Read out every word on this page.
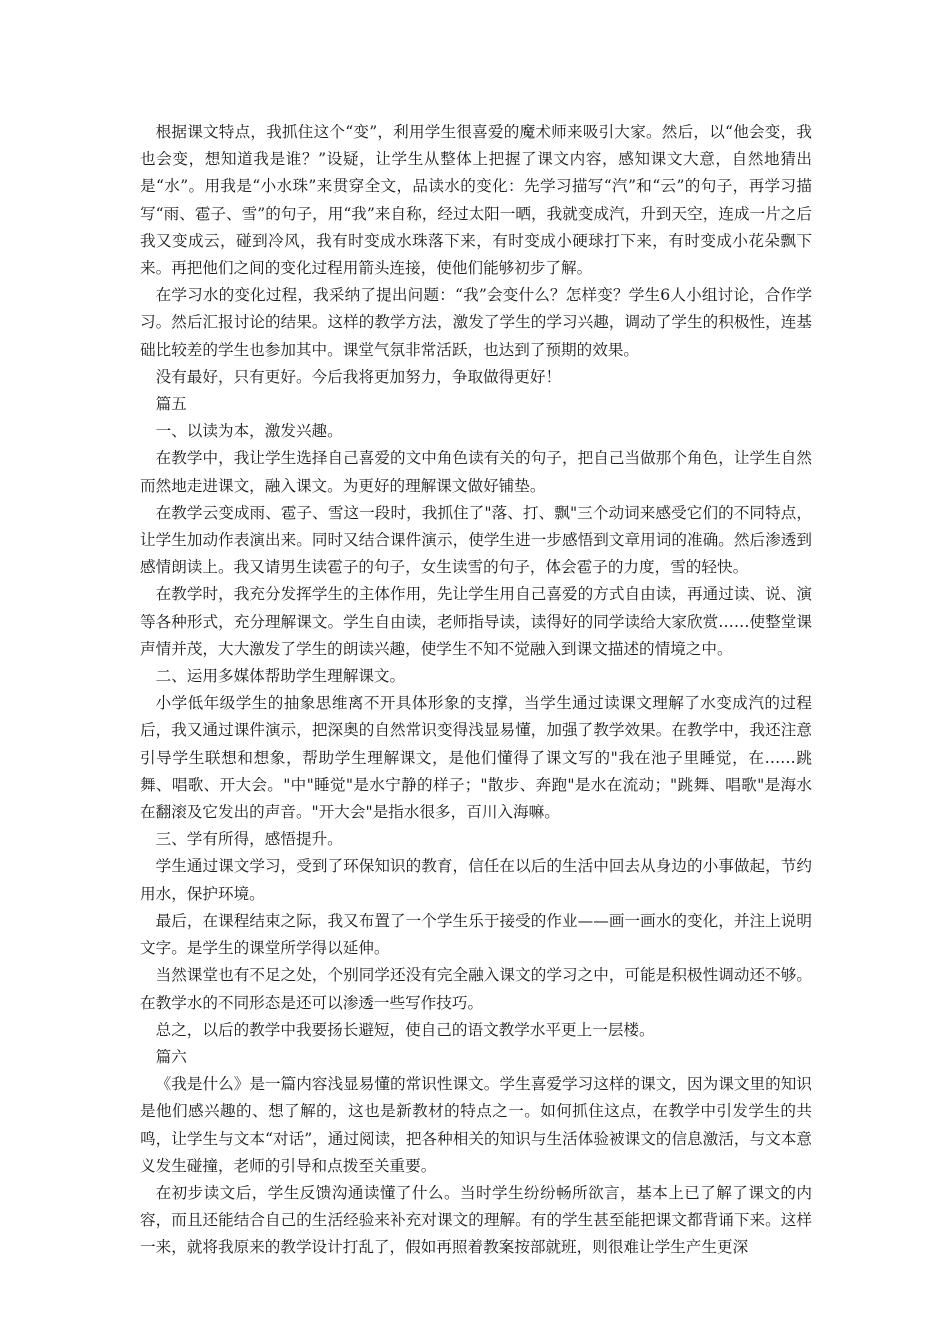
根据课文特点，我抓住这个“变”，利用学生很喜爱的魔术师来吸引大家。然后，以“他会变，我也会变，想知道我是谁？”设疑，让学生从整体上把握了课文内容，感知课文大意，自然地猜出是“水”。用我是“小水珠”来贯穿全文，品读水的变化：先学习描写“汽”和“云”的句子，再学习描写“雨、雹子、雪”的句子，用“我”来自称，经过太阳一晒，我就变成汽，升到天空，连成一片之后我又变成云，碰到冷风，我有时变成水珠落下来，有时变成小硬球打下来，有时变成小花朵飘下来。再把他们之间的变化过程用箭头连接，使他们能够初步了解。

在学习水的变化过程，我采纳了提出问题：“我”会变什么？怎样变？学生6人小组讨论，合作学习。然后汇报讨论的结果。这样的教学方法，激发了学生的学习兴趣，调动了学生的积极性，连基础比较差的学生也参加其中。课堂气氛非常活跃，也达到了预期的效果。

没有最好，只有更好。今后我将更加努力，争取做得更好！

篇五

一、以读为本，激发兴趣。

在教学中，我让学生选择自己喜爱的文中角色读有关的句子，把自己当做那个角色，让学生自然而然地走进课文，融入课文。为更好的理解课文做好铺垫。

在教学云变成雨、雹子、雪这一段时，我抓住了"落、打、飘"三个动词来感受它们的不同特点，让学生加动作表演出来。同时又结合课件演示，使学生进一步感悟到文章用词的准确。然后渗透到感情朗读上。我又请男生读雹子的句子，女生读雪的句子，体会雹子的力度，雪的轻快。

在教学时，我充分发挥学生的主体作用，先让学生用自己喜爱的方式自由读，再通过读、说、演等各种形式，充分理解课文。学生自由读，老师指导读，读得好的同学读给大家欣赏……使整堂课声情并茂，大大激发了学生的朗读兴趣，使学生不知不觉融入到课文描述的情境之中。

二、运用多媒体帮助学生理解课文。

小学低年级学生的抽象思维离不开具体形象的支撑，当学生通过读课文理解了水变成汽的过程后，我又通过课件演示，把深奥的自然常识变得浅显易懂，加强了教学效果。在教学中，我还注意引导学生联想和想象，帮助学生理解课文，是他们懂得了课文写的"我在池子里睡觉，在……跳舞、唱歌、开大会。"中"睡觉"是水宁静的样子；"散步、奔跑"是水在流动；"跳舞、唱歌"是海水在翻滚及它发出的声音。"开大会"是指水很多，百川入海嘛。

三、学有所得，感悟提升。

学生通过课文学习，受到了环保知识的教育，信任在以后的生活中回去从身边的小事做起，节约用水，保护环境。

最后，在课程结束之际，我又布置了一个学生乐于接受的作业——画一画水的变化，并注上说明文字。是学生的课堂所学得以延伸。

当然课堂也有不足之处，个别同学还没有完全融入课文的学习之中，可能是积极性调动还不够。在教学水的不同形态是还可以渗透一些写作技巧。

总之，以后的教学中我要扬长避短，使自己的语文教学水平更上一层楼。

篇六

《我是什么》是一篇内容浅显易懂的常识性课文。学生喜爱学习这样的课文，因为课文里的知识是他们感兴趣的、想了解的，这也是新教材的特点之一。如何抓住这点，在教学中引发学生的共鸣，让学生与文本“对话”，通过阅读，把各种相关的知识与生活体验被课文的信息激活，与文本意义发生碰撞，老师的引导和点拨至关重要。

在初步读文后，学生反馈沟通读懂了什么。当时学生纷纷畅所欲言，基本上已了解了课文的内容，而且还能结合自己的生活经验来补充对课文的理解。有的学生甚至能把课文都背诵下来。这样一来，就将我原来的教学设计打乱了，假如再照着教案按部就班，则很难让学生产生更深
